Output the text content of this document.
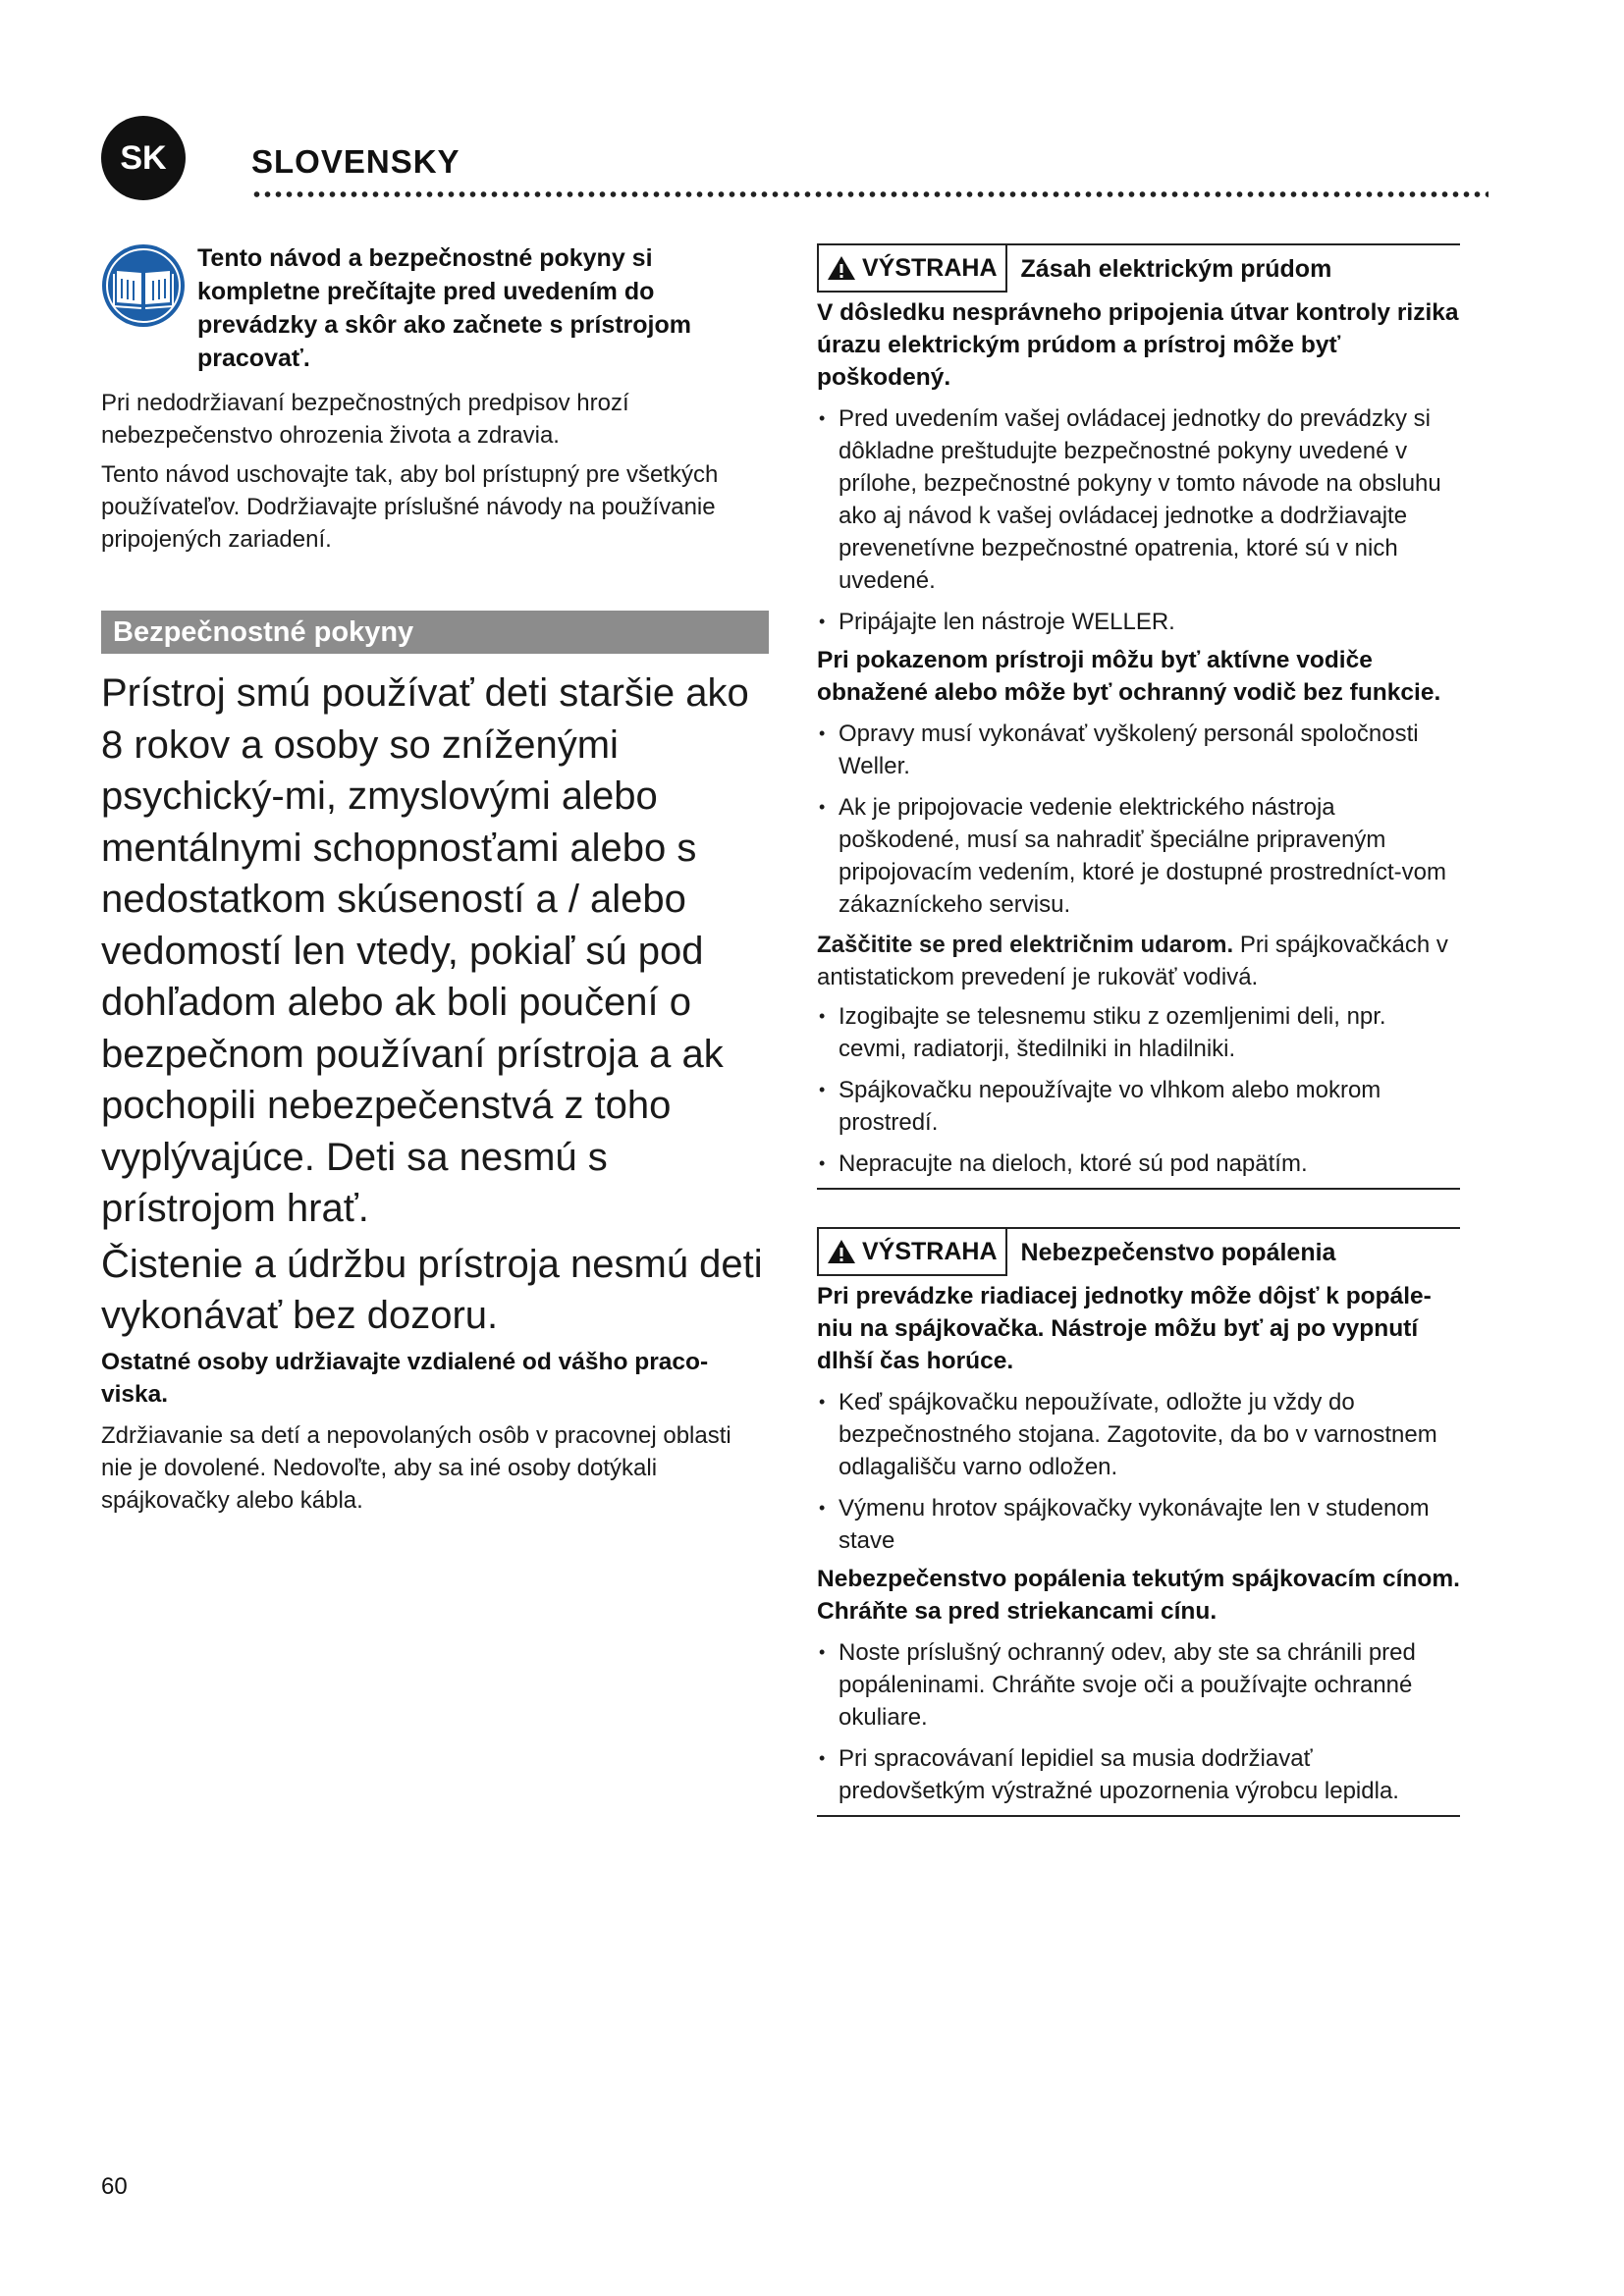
SK	SLOVENSKY

Tento návod a bezpečnostné pokyny si kompletne prečítajte pred uvedením do prevádzky a skôr ako začnete s prístrojom pracovať.

Pri nedodržiavaní bezpečnostných predpisov hrozí nebezpečenstvo ohrozenia života a zdravia.

Tento návod uschovajte tak, aby bol prístupný pre všetkých používateľov. Dodržiavajte príslušné návody na používanie pripojených zariadení.

Bezpečnostné pokyny

Prístroj smú používať deti staršie ako 8 rokov a osoby so zníženými psychický-mi, zmyslovými alebo mentálnymi schopnosťami alebo s nedostatkom skúseností a / alebo vedomostí len vtedy, pokiaľ sú pod dohľadom alebo ak boli poučení o bezpečnom používaní prístroja a ak pochopili nebezpečenstvá z toho vyplývajúce. Deti sa nesmú s prístrojom hrať.

Čistenie a údržbu prístroja nesmú deti vykonávať bez dozoru.

Ostatné osoby udržiavajte vzdialené od vášho praco-viska.

Zdržiavanie sa detí a nepovolaných osôb v pracovnej oblasti nie je dovolené. Nedovoľte, aby sa iné osoby dotýkali spájkovačky alebo kábla.

VÝSTRAHA Zásah elektrickým prúdom

V dôsledku nesprávneho pripojenia útvar kontroly rizika úrazu elektrickým prúdom a prístroj môže byť poškodený.

• Pred uvedením vašej ovládacej jednotky do prevádzky si dôkladne preštudujte bezpečnostné pokyny uvedené v prílohe, bezpečnostné pokyny v tomto návode na obsluhu ako aj návod k vašej ovládacej jednotke a dodržiavajte prevenetívne bezpečnostné opatrenia, ktoré sú v nich uvedené.
• Pripájajte len nástroje WELLER.

Pri pokazenom prístroji môžu byť aktívne vodiče obnažené alebo môže byť ochranný vodič bez funkcie.

• Opravy musí vykonávať vyškolený personál spoločnosti Weller.
• Ak je pripojovacie vedenie elektrického nástroja poškodené, musí sa nahradiť špeciálne pripraveným pripojovacím vedením, ktoré je dostupné prostredníct-vom zákazníckeho servisu.

Zaščitite se pred električnim udarom. Pri spájkovačkách v antistatickom prevedení je rukoväť vodivá.

• Izogibajte se telesnemu stiku z ozemljenimi deli, npr. cevmi, radiatorji, štedilniki in hladilniki.
• Spájkovačku nepoužívajte vo vlhkom alebo mokrom prostredí.
• Nepracujte na dieloch, ktoré sú pod napätím.
VÝSTRAHA Nebezpečenstvo popálenia

Pri prevádzke riadiacej jednotky môže dôjsť k popále-niu na spájkovačka. Nástroje môžu byť aj po vypnutí dlhší čas horúce.

• Keď spájkovačku nepoužívate, odložte ju vždy do bezpečnostného stojana. Zagotovite, da bo v varnostnem odlagališču varno odložen.
• Výmenu hrotov spájkovačky vykonávajte len v studenom stave

Nebezpečenstvo popálenia tekutým spájkovacím cínom. Chráňte sa pred striekancami cínu.

• Noste príslušný ochranný odev, aby ste sa chránili pred popáleninami. Chráňte svoje oči a používajte ochranné okuliare.
• Pri spracovávaní lepidiel sa musia dodržiavať predovšetkým výstražné upozornenia výrobcu lepidla.
60
